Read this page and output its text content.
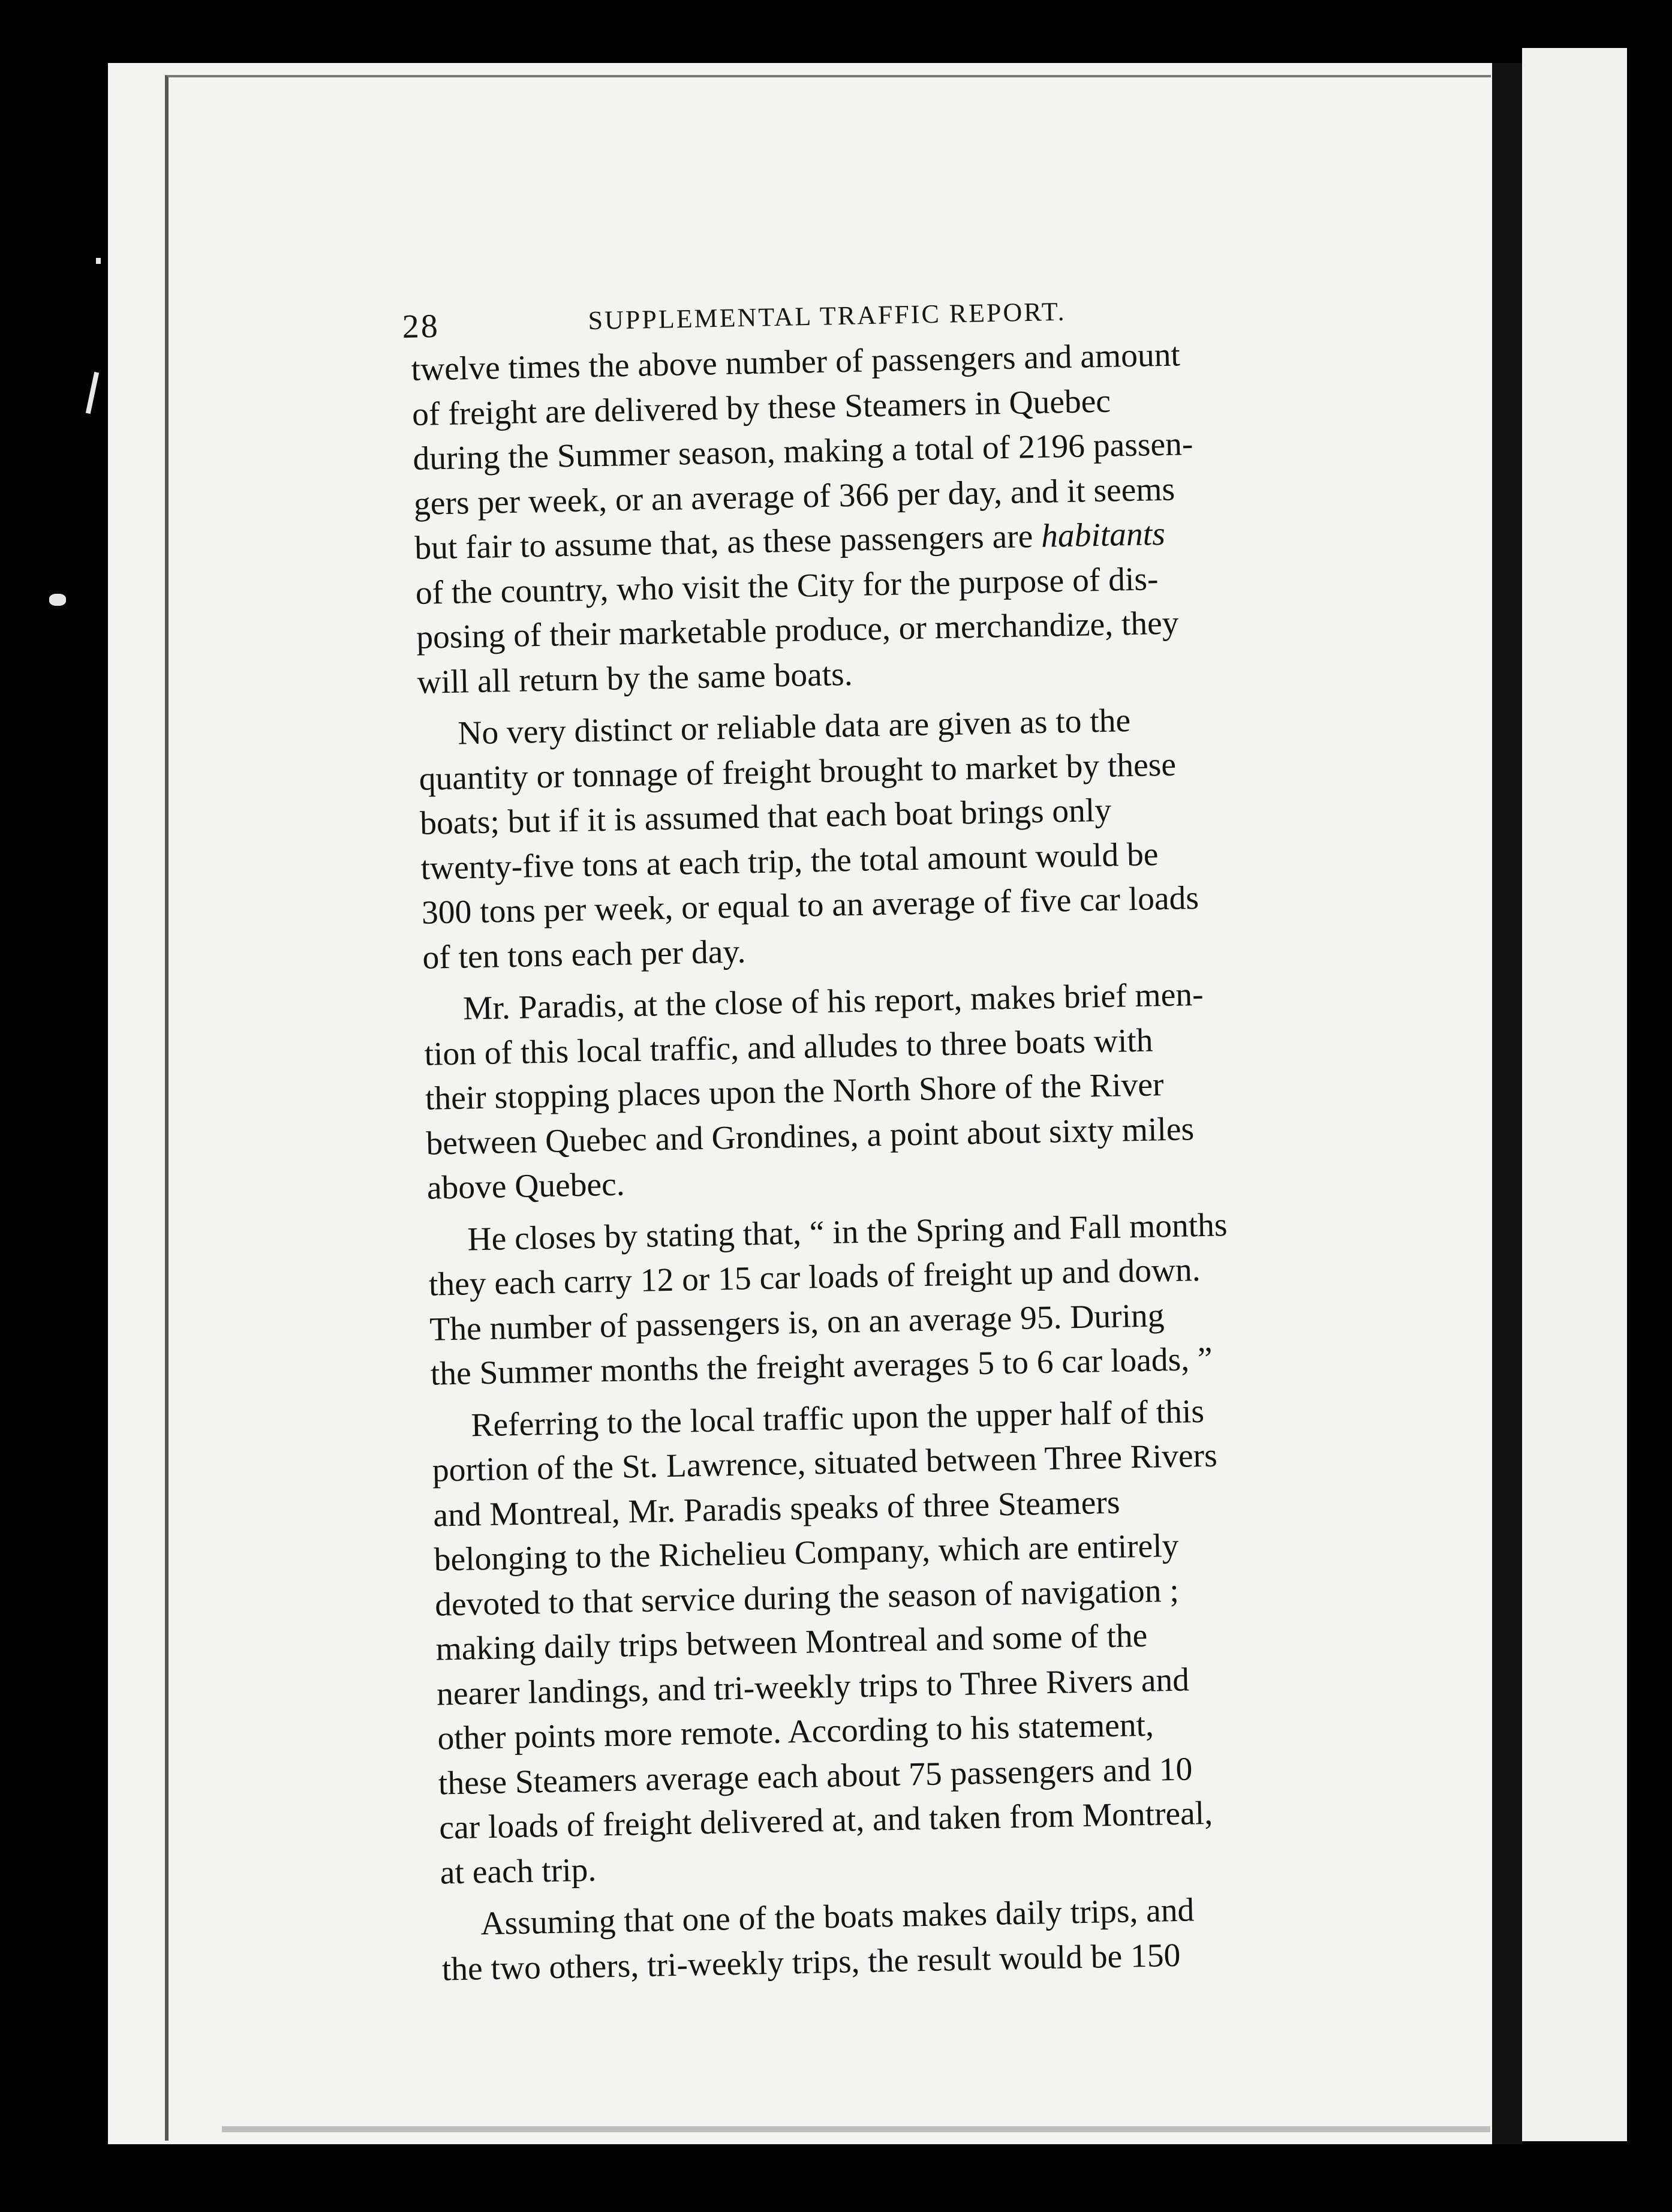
28	SUPPLEMENTAL TRAFFIC REPORT.

twelve times the above number of passengers and amount
of freight are delivered by these Steamers in Quebec
during the Summer season, making a total of 2196 passen-
gers per week, or an average of 366 per day, and it seems
but fair to assume that, as these passengers are habitants
of the country, who visit the City for the purpose of dis-
posing of their marketable produce, or merchandize, they
will all return by the same boats.

No very distinct or reliable data are given as to the
quantity or tonnage of freight brought to market by these
boats; but if it is assumed that each boat brings only
twenty-five tons at each trip, the total amount would be
300 tons per week, or equal to an average of five car loads
of ten tons each per day.

Mr. Paradis, at the close of his report, makes brief men-
tion of this local traffic, and alludes to three boats with
their stopping places upon the North Shore of the River
between Quebec and Grondines, a point about sixty miles
above Quebec.

He closes by stating that, “ in the Spring and Fall months
they each carry 12 or 15 car loads of freight up and down.
The number of passengers is, on an average 95. During
the Summer months the freight averages 5 to 6 car loads, ”

Referring to the local traffic upon the upper half of this
portion of the St. Lawrence, situated between Three Rivers
and Montreal, Mr. Paradis speaks of three Steamers
belonging to the Richelieu Company, which are entirely
devoted to that service during the season of navigation ;
making daily trips between Montreal and some of the
nearer landings, and tri-weekly trips to Three Rivers and
other points more remote. According to his statement,
these Steamers average each about 75 passengers and 10
car loads of freight delivered at, and taken from Montreal,
at each trip.

Assuming that one of the boats makes daily trips, and
the two others, tri-weekly trips, the result would be 150
